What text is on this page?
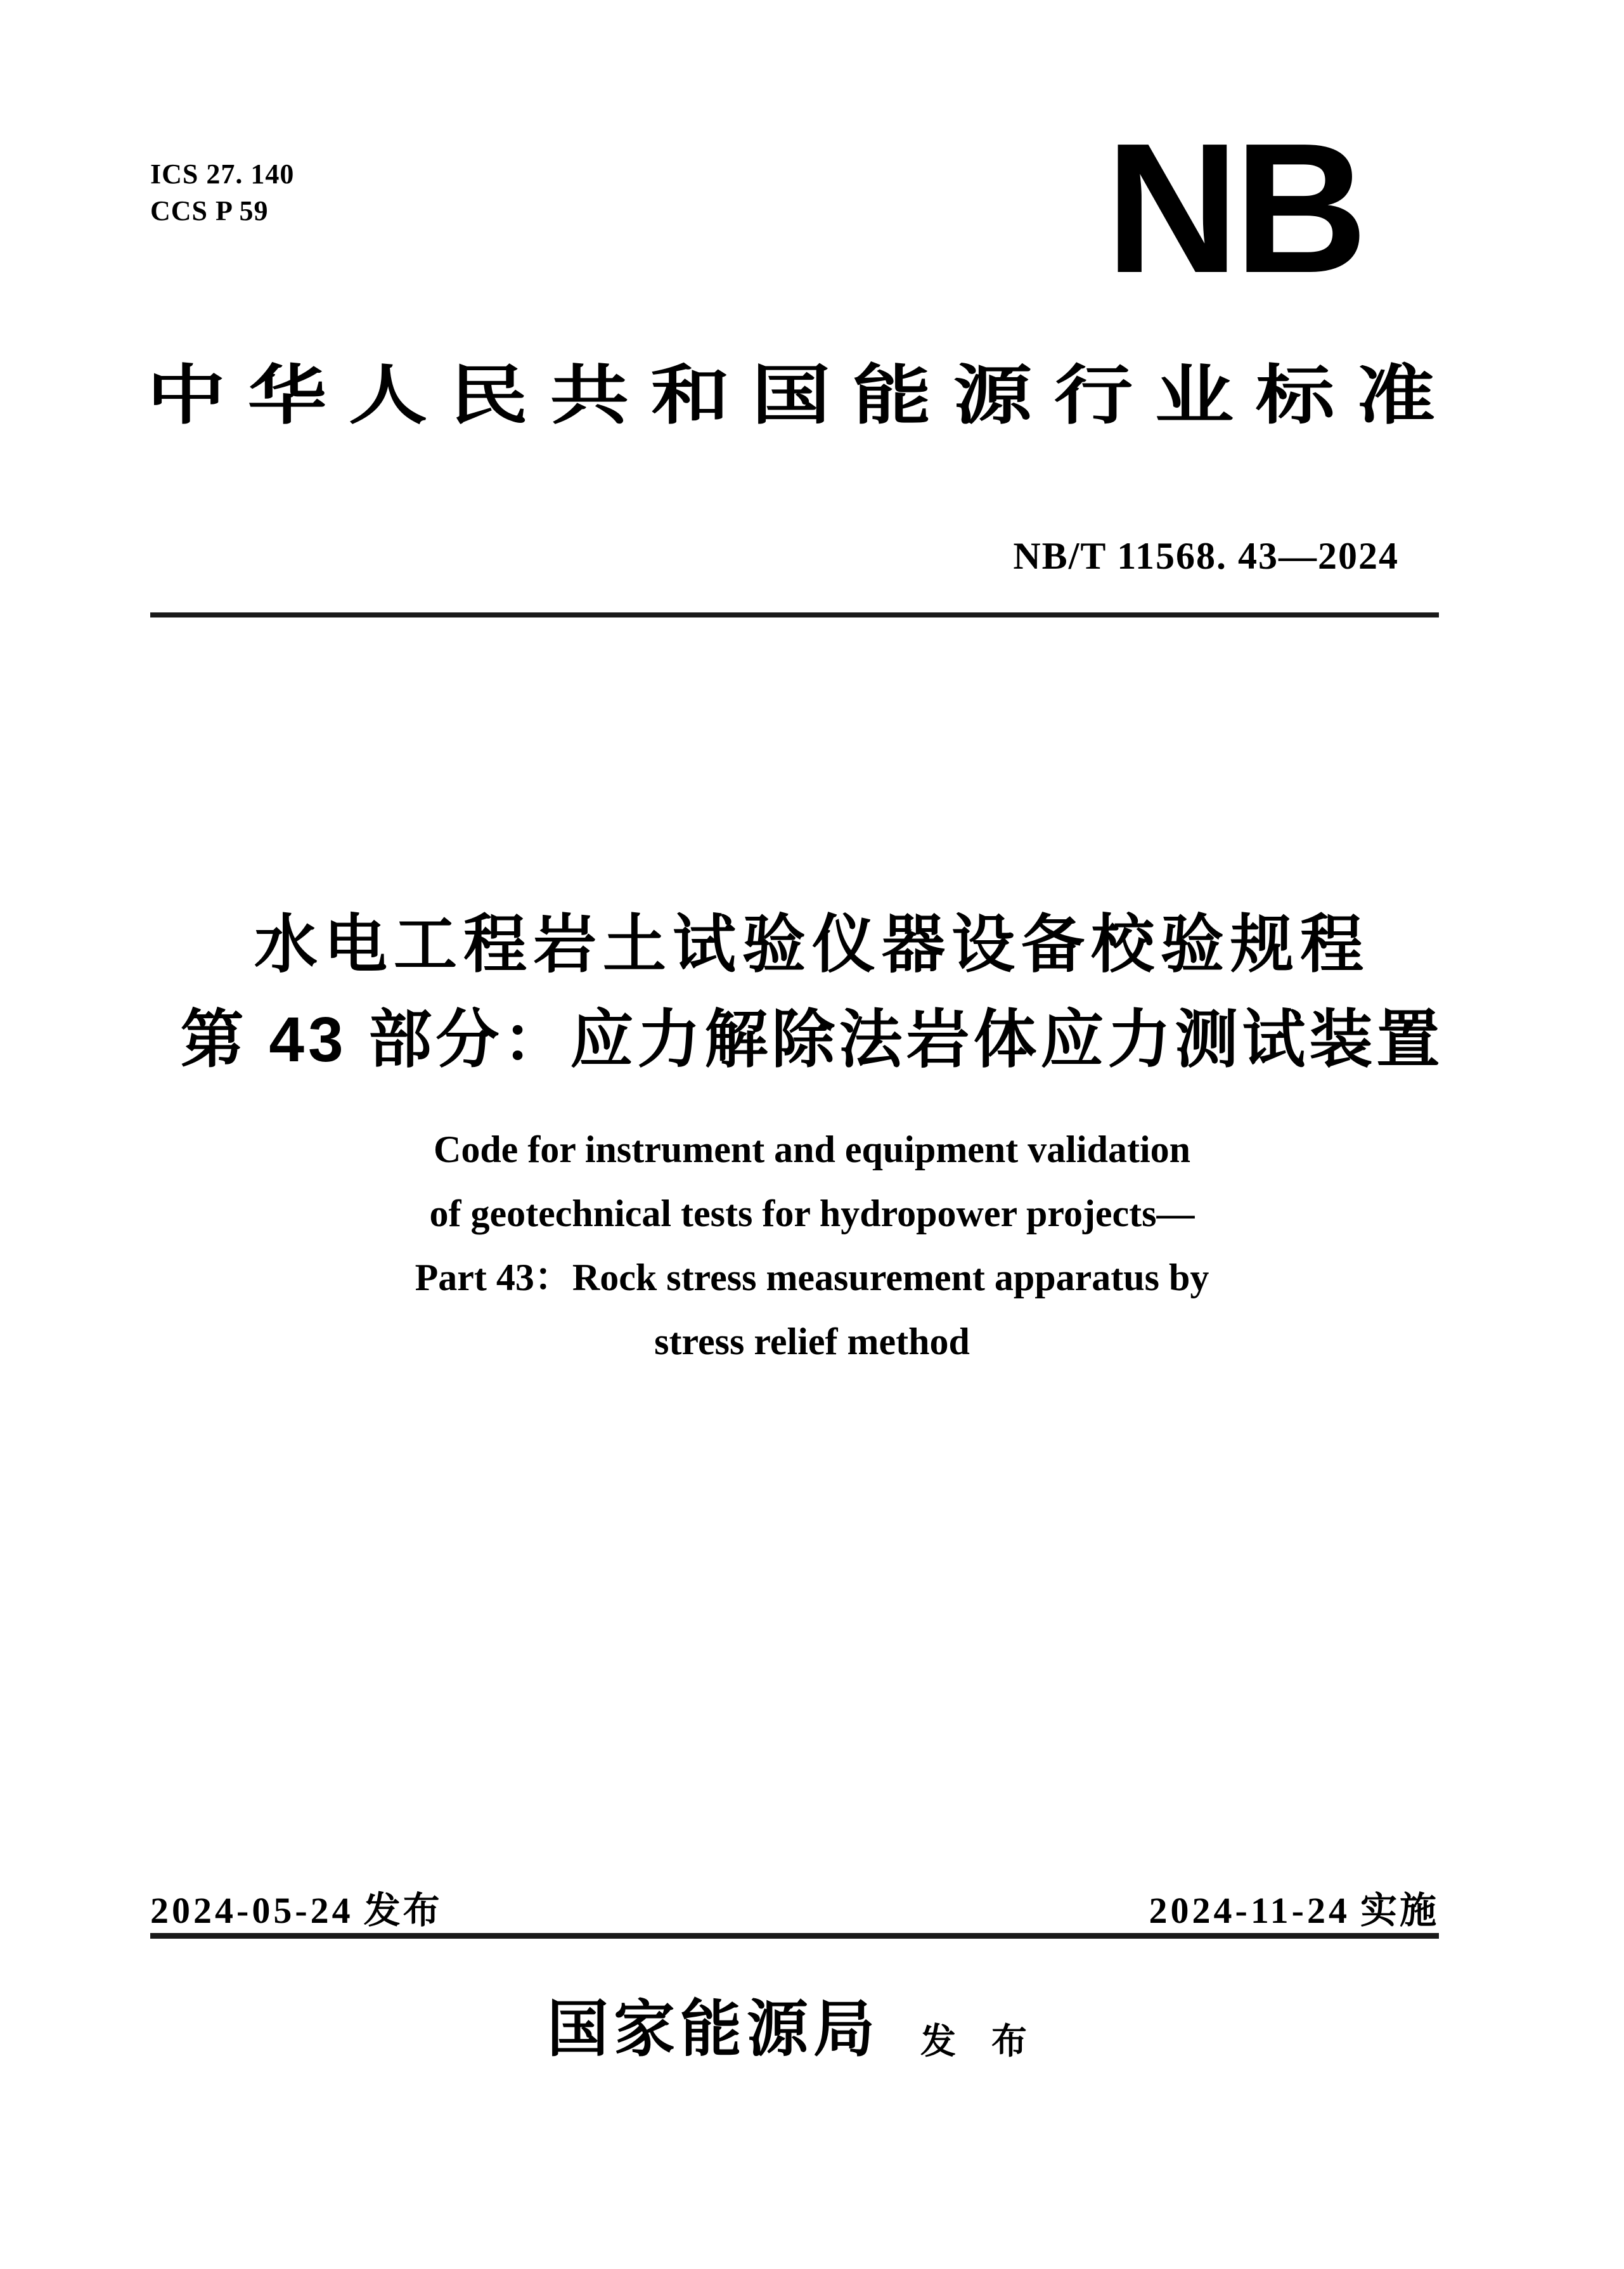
ICS 27. 140
CCS P 59	NB
中 华 人 民 共 和 国 能 源 行 业 标 准
NB/T 11568. 43—2024
水电工程岩土试验仪器设备校验规程
第 43 部分：应力解除法岩体应力测试装置
Code for instrument and equipment validation
of geotechnical tests for hydropower projects—
Part 43：Rock stress measurement apparatus by
stress relief method
2024-05-24 发布	2024-11-24 实施
国家能源局 发　布
